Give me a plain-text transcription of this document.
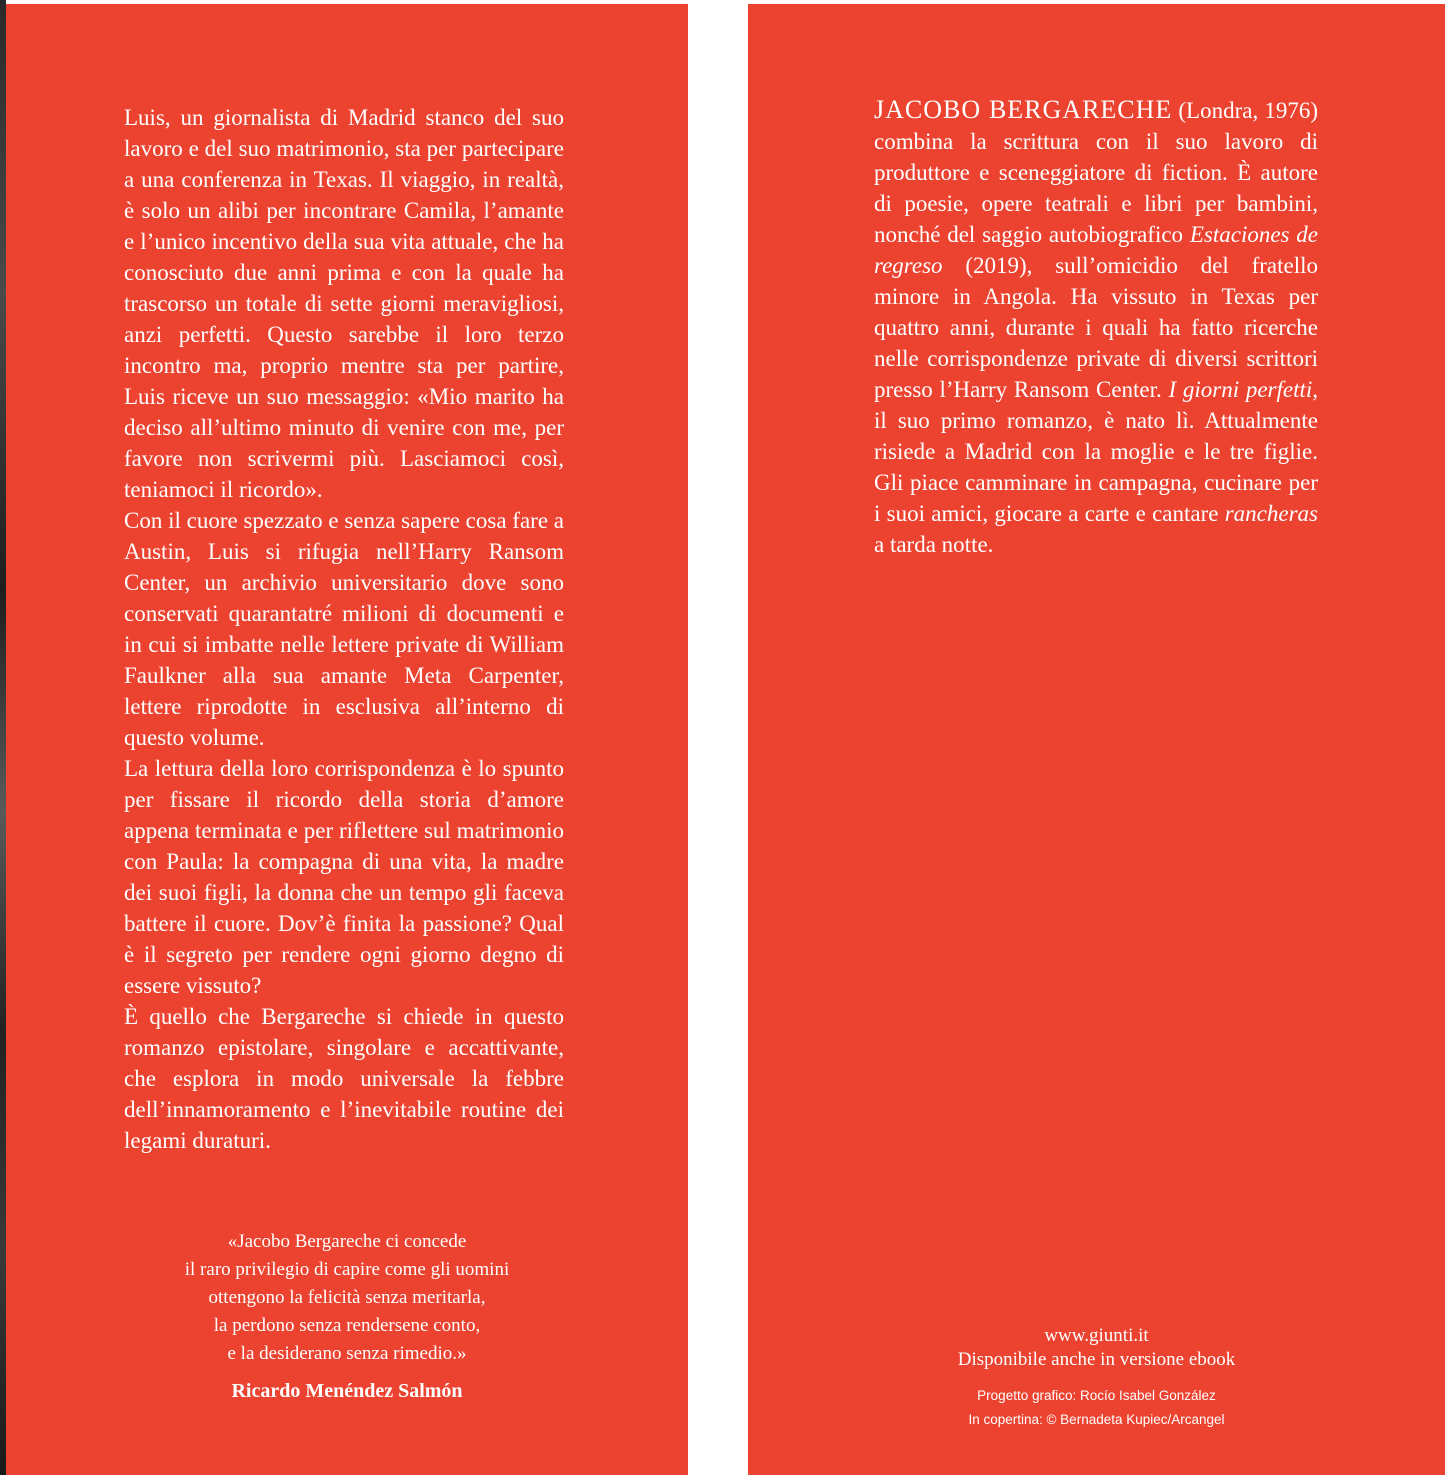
Luis, un giornalista di Madrid stanco del suo lavoro e del suo matrimonio, sta per partecipare a una conferenza in Texas. Il viaggio, in realtà, è solo un alibi per incontrare Camila, l’amante e l’unico incentivo della sua vita attuale, che ha conosciuto due anni prima e con la quale ha trascorso un totale di sette giorni meravigliosi, anzi perfetti. Questo sarebbe il loro terzo incontro ma, proprio mentre sta per partire, Luis riceve un suo messaggio: «Mio marito ha deciso all’ultimo minuto di venire con me, per favore non scrivermi più. Lasciamoci così, teniamoci il ricordo».

Con il cuore spezzato e senza sapere cosa fare a Austin, Luis si rifugia nell’Harry Ransom Center, un archivio universitario dove sono conservati quarantatré milioni di documenti e in cui si imbatte nelle lettere private di William Faulkner alla sua amante Meta Carpenter, lettere riprodotte in esclusiva all’interno di questo volume.

La lettura della loro corrispondenza è lo spunto per fissare il ricordo della storia d’amore appena terminata e per riflettere sul matrimonio con Paula: la compagna di una vita, la madre dei suoi figli, la donna che un tempo gli faceva battere il cuore. Dov’è finita la passione? Qual è il segreto per rendere ogni giorno degno di essere vissuto?

È quello che Bergareche si chiede in questo romanzo epistolare, singolare e accattivante, che esplora in modo universale la febbre dell’innamoramento e l’inevitabile routine dei legami duraturi.

«Jacobo Bergareche ci concede
il raro privilegio di capire come gli uomini
ottengono la felicità senza meritarla,
la perdono senza rendersene conto,
e la desiderano senza rimedio.»
Ricardo Menéndez Salmón

JACOBO BERGARECHE (Londra, 1976) combina la scrittura con il suo lavoro di produttore e sceneggiatore di fiction. È autore di poesie, opere teatrali e libri per bambini, nonché del saggio autobiografico Estaciones de regreso (2019), sull’omicidio del fratello minore in Angola. Ha vissuto in Texas per quattro anni, durante i quali ha fatto ricerche nelle corrispondenze private di diversi scrittori presso l’Harry Ransom Center. I giorni perfetti, il suo primo romanzo, è nato lì. Attualmente risiede a Madrid con la moglie e le tre figlie. Gli piace camminare in campagna, cucinare per i suoi amici, giocare a carte e cantare rancheras a tarda notte.

www.giunti.it
Disponibile anche in versione ebook
Progetto grafico: Rocío Isabel González
In copertina: © Bernadeta Kupiec/Arcangel
